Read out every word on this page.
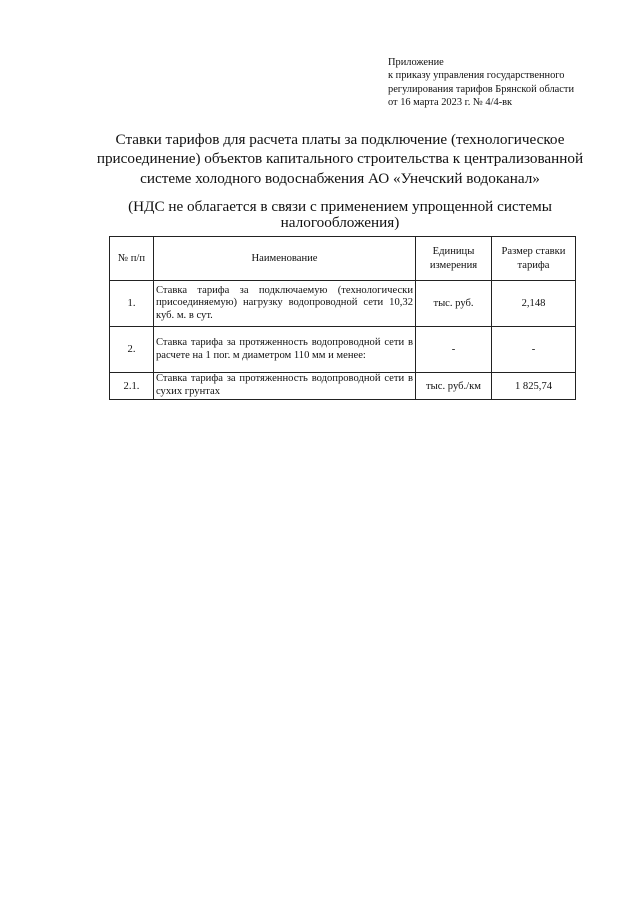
Приложение
к приказу управления государственного
регулирования тарифов Брянской области
от 16 марта 2023 г. № 4/4-вк
Ставки тарифов для расчета платы за подключение (технологическое
присоединение) объектов капитального строительства к централизованной
системе холодного водоснабжения АО «Унечский водоканал»
(НДС не облагается в связи с применением упрощенной системы
налогообложения)
№ п/п	Наименование	Единицы измерения	Размер ставки тарифа
1.	Ставка тарифа за подключаемую (технологически присоединяемую) нагрузку водопроводной сети 10,32 куб. м. в сут.	тыс. руб.	2,148
2.	Ставка тарифа за протяженность водопроводной сети в расчете на 1 пог. м диаметром 110 мм и менее:	-	-
2.1.	Ставка тарифа за протяженность водопроводной сети в сухих грунтах	тыс. руб./км	1 825,74
